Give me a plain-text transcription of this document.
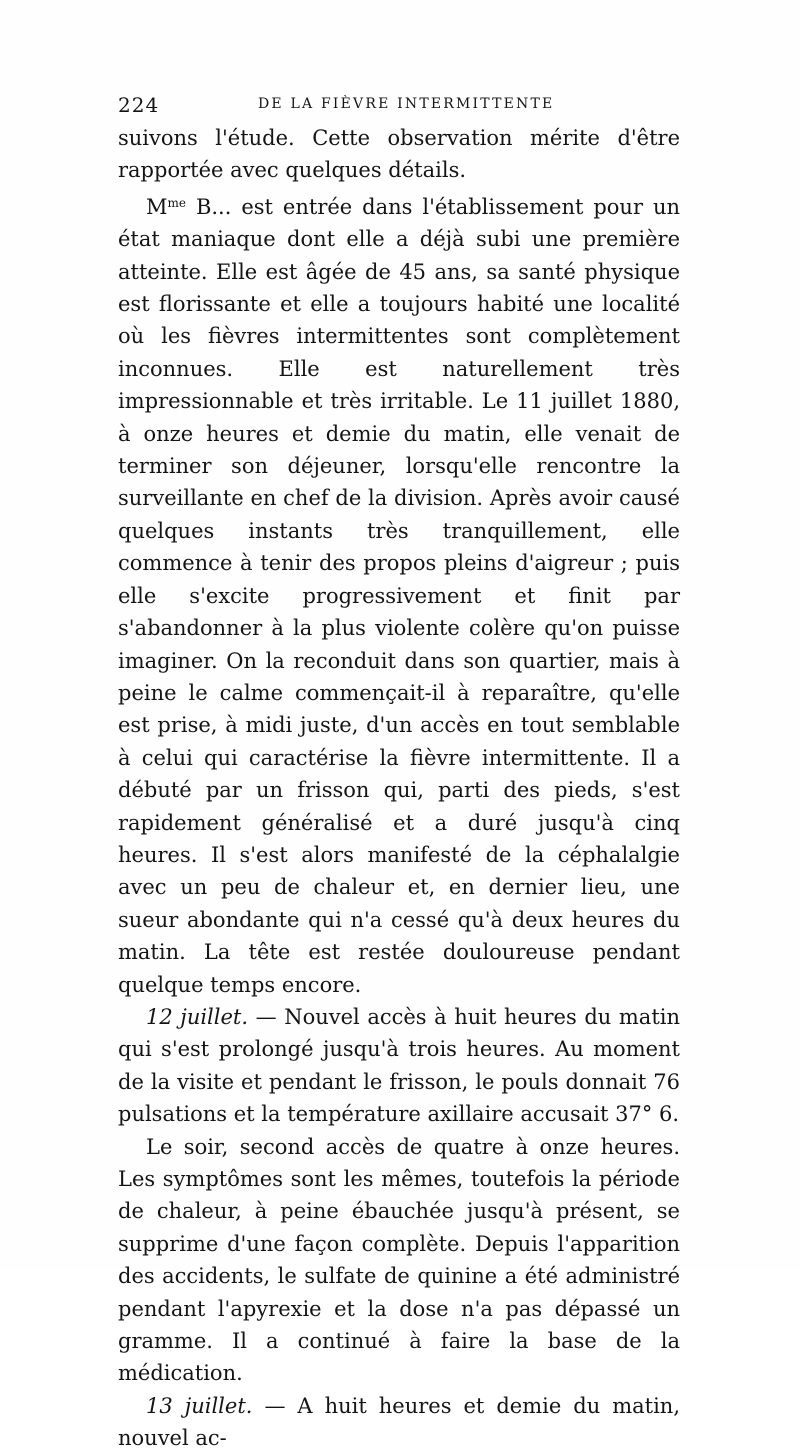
224	DE LA FIÈVRE INTERMITTENTE

suivons l'étude. Cette observation mérite d'être rapportée avec quelques détails.

$M^{me}$ B... est entrée dans l'établissement pour un état maniaque dont elle a déjà subi une première atteinte. Elle est âgée de 45 ans, sa santé physique est florissante et elle a toujours habité une localité où les fièvres intermittentes sont complètement inconnues. Elle est naturellement très impressionnable et très irritable. Le 11 juillet 1880, à onze heures et demie du matin, elle venait de terminer son déjeuner, lorsqu'elle rencontre la surveillante en chef de la division. Après avoir causé quelques instants très tranquillement, elle commence à tenir des propos pleins d'aigreur ; puis elle s'excite progressivement et finit par s'abandonner à la plus violente colère qu'on puisse imaginer. On la reconduit dans son quartier, mais à peine le calme commençait-il à reparaître, qu'elle est prise, à midi juste, d'un accès en tout semblable à celui qui caractérise la fièvre intermittente. Il a débuté par un frisson qui, parti des pieds, s'est rapidement généralisé et a duré jusqu'à cinq heures. Il s'est alors manifesté de la céphalalgie avec un peu de chaleur et, en dernier lieu, une sueur abondante qui n'a cessé qu'à deux heures du matin. La tête est restée douloureuse pendant quelque temps encore.

12 juillet. — Nouvel accès à huit heures du matin qui s'est prolongé jusqu'à trois heures. Au moment de la visite et pendant le frisson, le pouls donnait 76 pulsations et la température axillaire accusait 37° 6.

Le soir, second accès de quatre à onze heures. Les symptômes sont les mêmes, toutefois la période de chaleur, à peine ébauchée jusqu'à présent, se supprime d'une façon complète. Depuis l'apparition des accidents, le sulfate de quinine a été administré pendant l'apyrexie et la dose n'a pas dépassé un gramme. Il a continué à faire la base de la médication.

13 juillet. — A huit heures et demie du matin, nouvel ac-
